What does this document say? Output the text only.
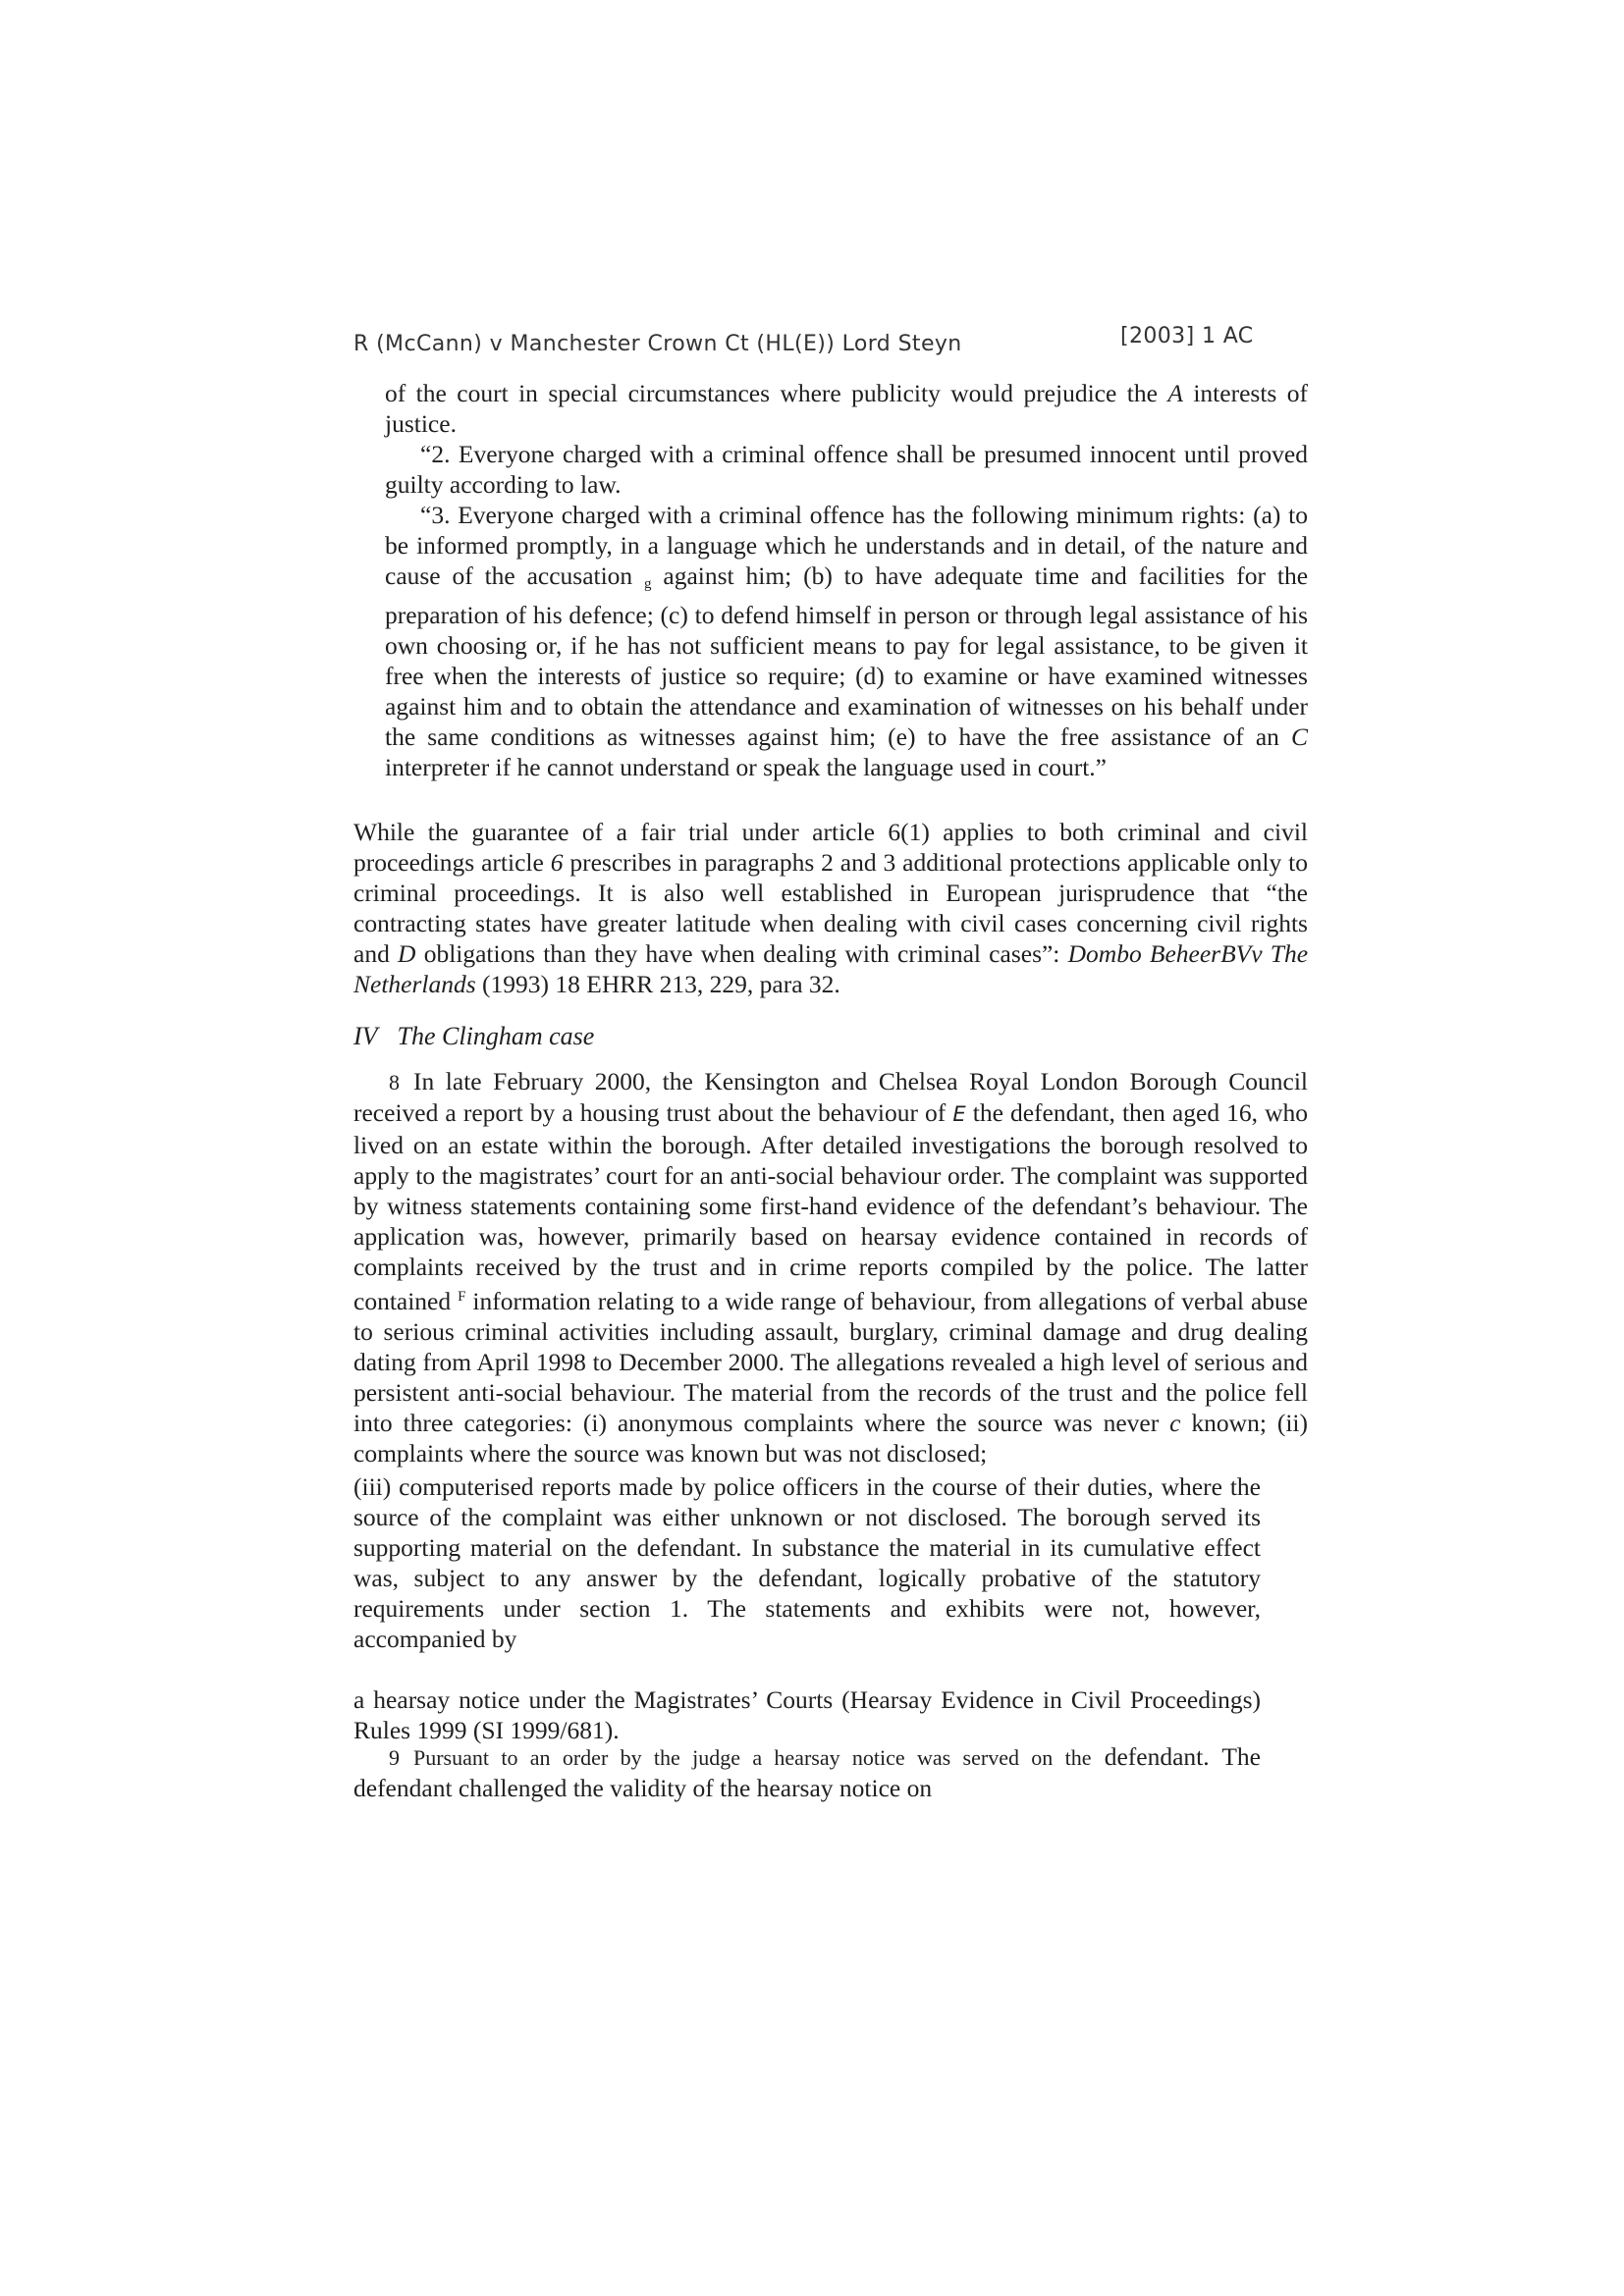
R (McCann) v Manchester Crown Ct (HL(E)) Lord Steyn	[2003] 1 AC

of the court in special circumstances where publicity would prejudice the A interests of justice.

“2. Everyone charged with a criminal offence shall be presumed innocent until proved guilty according to law.

“3. Everyone charged with a criminal offence has the following minimum rights: (a) to be informed promptly, in a language which he understands and in detail, of the nature and cause of the accusation g against him; (b) to have adequate time and facilities for the preparation of his defence; (c) to defend himself in person or through legal assistance of his own choosing or, if he has not sufficient means to pay for legal assistance, to be given it free when the interests of justice so require; (d) to examine or have examined witnesses against him and to obtain the attendance and examination of witnesses on his behalf under the same conditions as witnesses against him; (e) to have the free assistance of an C interpreter if he cannot understand or speak the language used in court.”

While the guarantee of a fair trial under article 6(1) applies to both criminal and civil proceedings article 6 prescribes in paragraphs 2 and 3 additional protections applicable only to criminal proceedings. It is also well established in European jurisprudence that “the contracting states have greater latitude when dealing with civil cases concerning civil rights and D obligations than they have when dealing with criminal cases”: Dombo BeheerBVv The Netherlands (1993) 18 EHRR 213, 229, para 32.

IV The Clingham case

8 In late February 2000, the Kensington and Chelsea Royal London Borough Council received a report by a housing trust about the behaviour of E the defendant, then aged 16, who lived on an estate within the borough. After detailed investigations the borough resolved to apply to the magistrates’ court for an anti-social behaviour order. The complaint was supported by witness statements containing some first-hand evidence of the defendant’s behaviour. The application was, however, primarily based on hearsay evidence contained in records of complaints received by the trust and in crime reports compiled by the police. The latter contained $^F$ information relating to a wide range of behaviour, from allegations of verbal abuse to serious criminal activities including assault, burglary, criminal damage and drug dealing dating from April 1998 to December 2000. The allegations revealed a high level of serious and persistent anti-social behaviour. The material from the records of the trust and the police fell into three categories: (i) anonymous complaints where the source was never c known; (ii) complaints where the source was known but was not disclosed;

(iii) computerised reports made by police officers in the course of their duties, where the source of the complaint was either unknown or not disclosed. The borough served its supporting material on the defendant. In substance the material in its cumulative effect was, subject to any answer by the defendant, logically probative of the statutory requirements under section 1. The statements and exhibits were not, however, accompanied by

a hearsay notice under the Magistrates’ Courts (Hearsay Evidence in Civil Proceedings) Rules 1999 (SI 1999/681).

9 Pursuant to an order by the judge a hearsay notice was served on the defendant. The defendant challenged the validity of the hearsay notice on
